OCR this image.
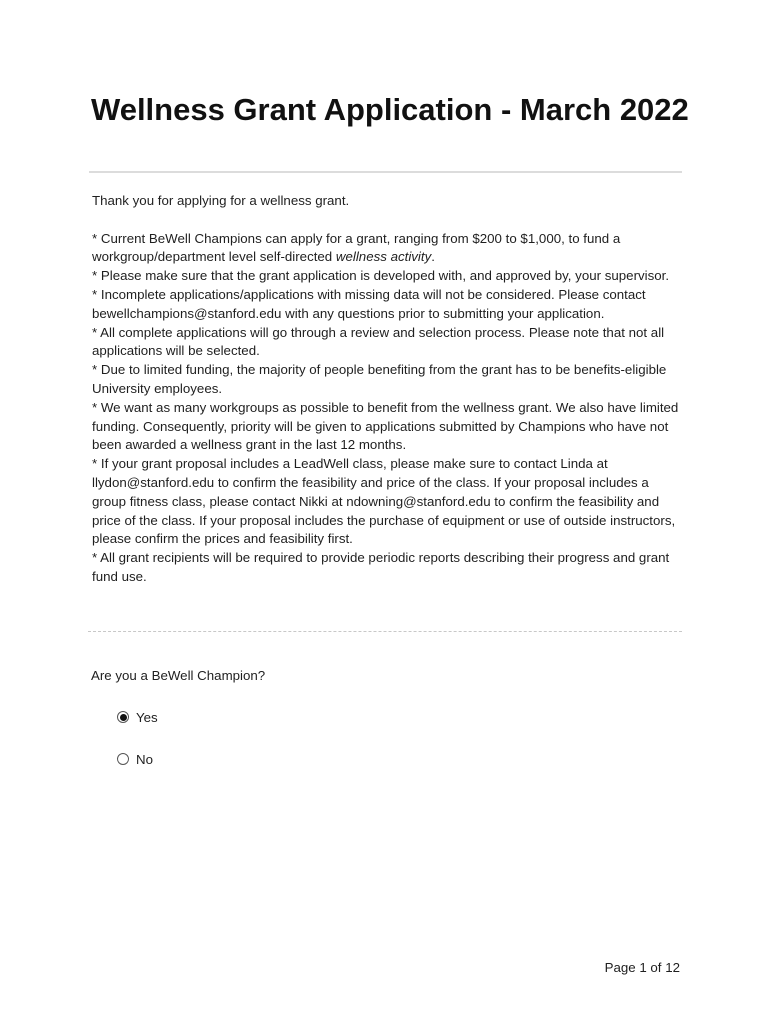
Wellness Grant Application - March 2022

Thank you for applying for a wellness grant.

* Current BeWell Champions can apply for a grant, ranging from $200 to $1,000, to fund a workgroup/department level self-directed wellness activity.

* Please make sure that the grant application is developed with, and approved by, your supervisor.

* Incomplete applications/applications with missing data will not be considered. Please contact bewellchampions@stanford.edu with any questions prior to submitting your application.

* All complete applications will go through a review and selection process. Please note that not all applications will be selected.

* Due to limited funding, the majority of people benefiting from the grant has to be benefits-eligible University employees.

* We want as many workgroups as possible to benefit from the wellness grant. We also have limited funding. Consequently, priority will be given to applications submitted by Champions who have not been awarded a wellness grant in the last 12 months.

* If your grant proposal includes a LeadWell class, please make sure to contact Linda at llydon@stanford.edu to confirm the feasibility and price of the class. If your proposal includes a group fitness class, please contact Nikki at ndowning@stanford.edu to confirm the feasibility and price of the class. If your proposal includes the purchase of equipment or use of outside instructors, please confirm the prices and feasibility first.

* All grant recipients will be required to provide periodic reports describing their progress and grant fund use.

Are you a BeWell Champion?
Yes
No
Page 1 of 12
